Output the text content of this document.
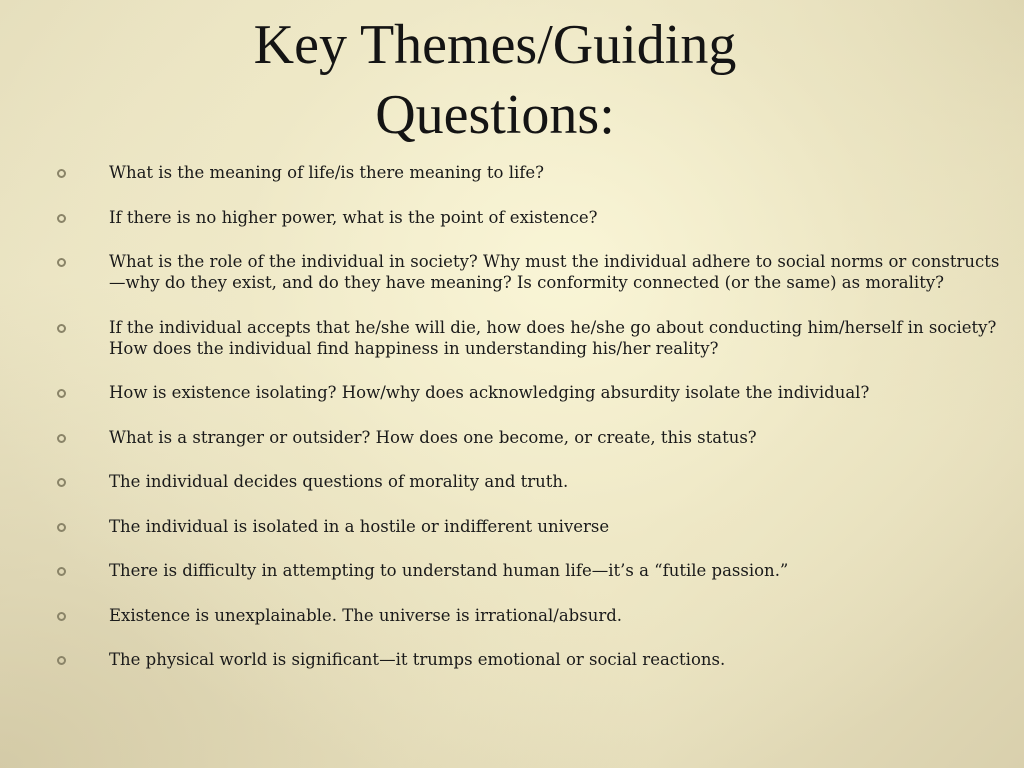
Key Themes/Guiding Questions:
What is the meaning of life/is there meaning to life?
If there is no higher power, what is the point of existence?
What is the role of the individual in society? Why must the individual adhere to social norms or constructs—why do they exist, and do they have meaning? Is conformity connected (or the same) as morality?
If the individual accepts that he/she will die, how does he/she go about conducting him/herself in society? How does the individual find happiness in understanding his/her reality?
How is existence isolating? How/why does acknowledging absurdity isolate the individual?
What is a stranger or outsider? How does one become, or create, this status?
The individual decides questions of morality and truth.
The individual is isolated in a hostile or indifferent universe
There is difficulty in attempting to understand human life—it’s a “futile passion.”
Existence is unexplainable. The universe is irrational/absurd.
The physical world is significant—it trumps emotional or social reactions.
